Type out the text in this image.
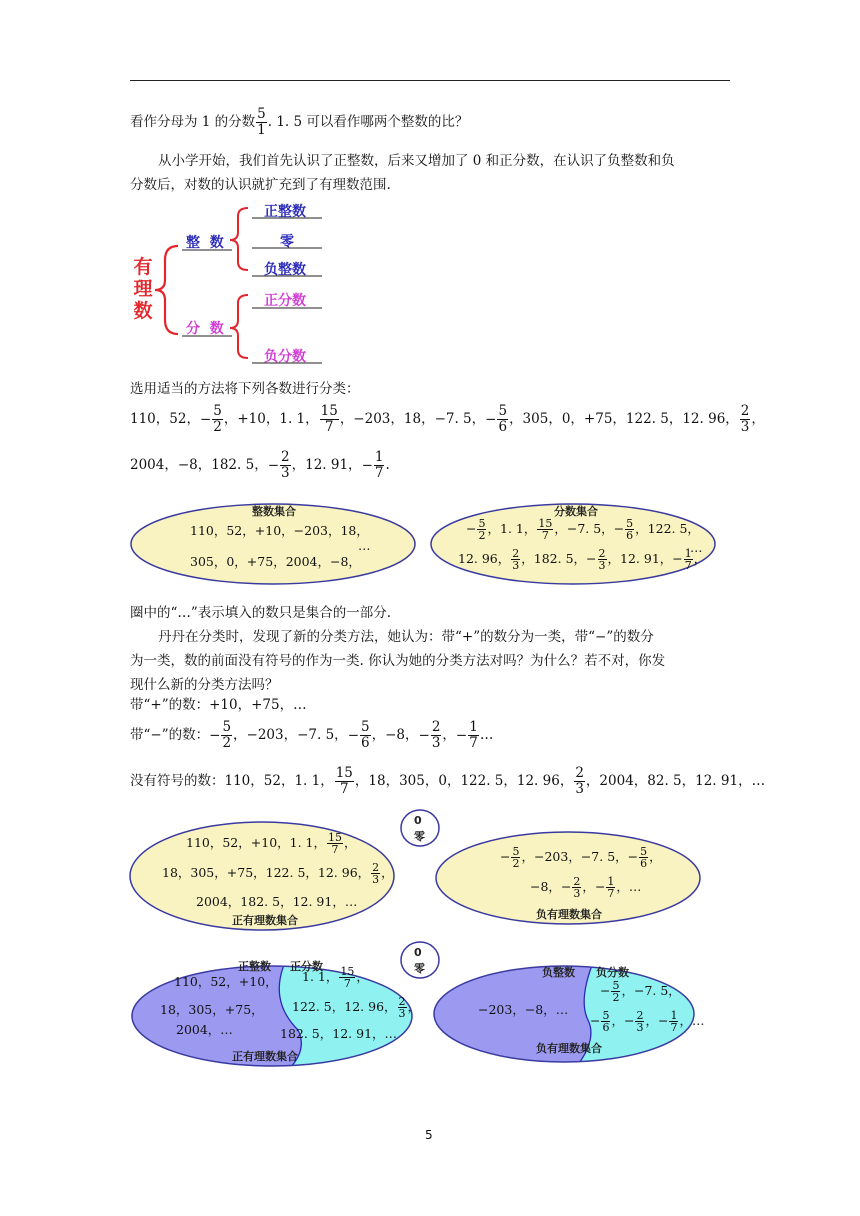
看作分母为 1 的分数 $\frac{5}{1}$ . 1. 5 可以看作哪两个整数的比？
从小学开始，我们首先认识了正整数，后来又增加了 0 和正分数，在认识了负整数和负
分数后，对数的认识就扩充到了有理数范围.
有
理
数
整  数
分  数
正整数
零
负整数
正分数
负分数
选用适当的方法将下列各数进行分类：
110，52，− $\frac{5}{2}$ ，+10，1. 1， $\frac{15}{7}$ ，−203，18，−7. 5，− $\frac{5}{6}$ ，305，0，+75，122. 5，12. 96， $\frac{2}{3}$ ，
2004，−8，182. 5，− $\frac{2}{3}$ ，12. 91，− $\frac{1}{7}$ .
整数集合
110，52，+10，−203，18，
305，0，+75，2004，−8，
…
分数集合
− $\frac{5}{2}$ ，1. 1， $\frac{15}{7}$ ，−7. 5，− $\frac{5}{6}$ ，122. 5，
12. 96， $\frac{2}{3}$ ，182. 5，− $\frac{2}{3}$ ，12. 91，− $\frac{1}{7}$ ，
…
圈中的“…”表示填入的数只是集合的一部分.
丹丹在分类时，发现了新的分类方法，她认为：带“+”的数分为一类，带“−”的数分
为一类，数的前面没有符号的作为一类. 你认为她的分类方法对吗？为什么？若不对，你发
现什么新的分类方法吗？
带“+”的数：+10，+75，…
带“−”的数：− $\frac{5}{2}$ ，−203，−7. 5，− $\frac{5}{6}$ ，−8，− $\frac{2}{3}$ ，− $\frac{1}{7}$ …
没有符号的数：110，52，1. 1， $\frac{15}{7}$ ，18，305，0，122. 5，12. 96， $\frac{2}{3}$ ，2004，82. 5，12. 91，…
0
零
110，52，+10，1. 1， $\frac{15}{7}$ ，
18，305，+75，122. 5，12. 96， $\frac{2}{3}$ ，
2004，182. 5，12. 91，…
正有理数集合
− $\frac{5}{2}$ ，−203，−7. 5，− $\frac{5}{6}$ ，
−8，− $\frac{2}{3}$ ，− $\frac{1}{7}$ ，…
负有理数集合
0
零
正整数 正分数
110，52，+10，
18，305，+75，
2004，…
1. 1， $\frac{15}{7}$ ，
122. 5，12. 96， $\frac{2}{3}$ ，
182. 5，12. 91，…
正有理数集合
负整数 负分数
−203，−8，…
− $\frac{5}{2}$ ，−7. 5，
− $\frac{5}{6}$ ，− $\frac{2}{3}$ ，− $\frac{1}{7}$ ，…
负有理数集合
5
